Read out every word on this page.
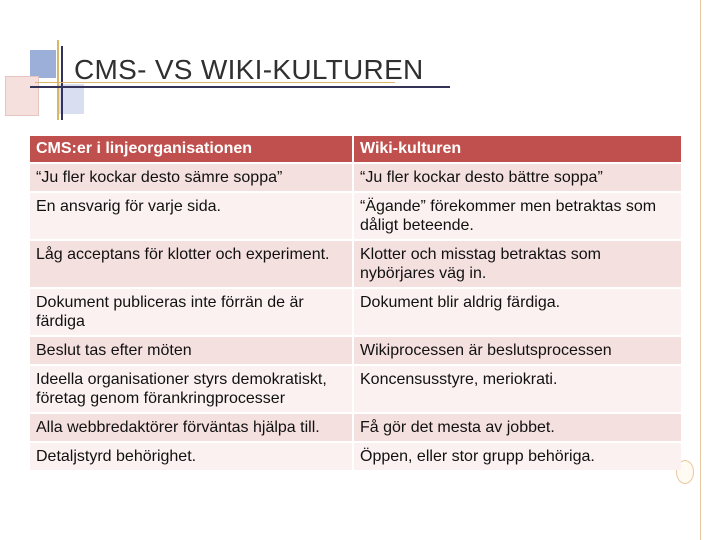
CMS- VS WIKI-KULTUREN
CMS:er i linjeorganisationen	Wiki-kulturen
“Ju fler kockar desto sämre soppa”	“Ju fler kockar desto bättre soppa”
En ansvarig för varje sida.	“Ägande” förekommer men betraktas som dåligt beteende.
Låg acceptans för klotter och experiment.	Klotter och misstag betraktas som nybörjares väg in.
Dokument publiceras inte förrän de är färdiga	Dokument blir aldrig färdiga.
Beslut tas efter möten	Wikiprocessen är beslutsprocessen
Ideella organisationer styrs demokratiskt, företag genom förankringprocesser	Koncensusstyre, meriokrati.
Alla webbredaktörer förväntas hjälpa till.	Få gör det mesta av jobbet.
Detaljstyrd behörighet.	Öppen, eller stor grupp behöriga.
